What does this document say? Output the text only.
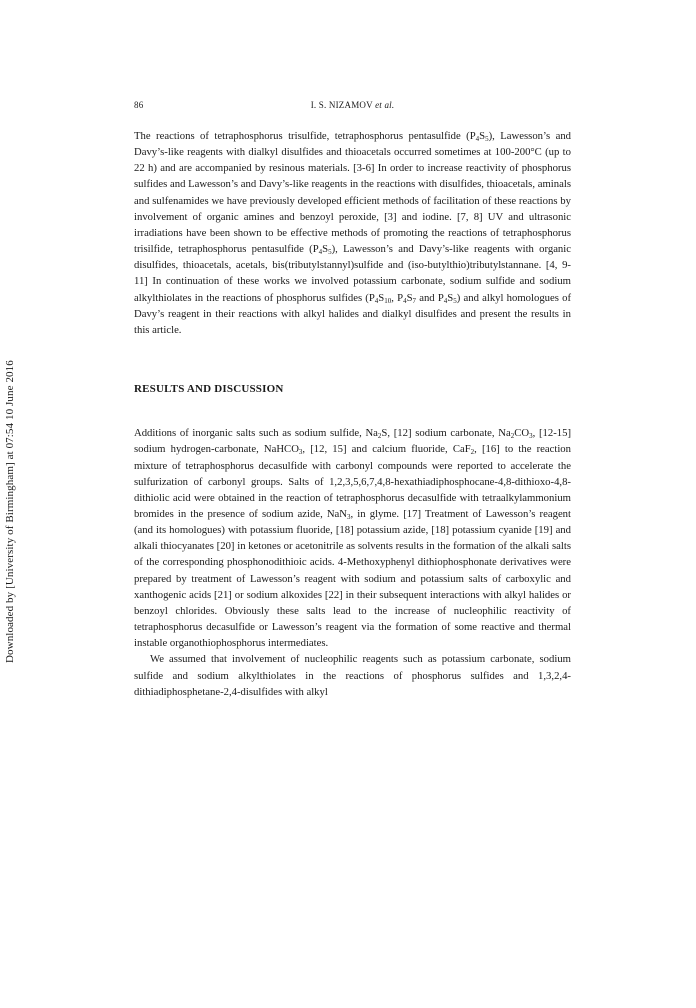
86	I. S. NIZAMOV et al.
Downloaded by [University of Birmingham] at 07:54 10 June 2016

The reactions of tetraphosphorus trisulfide, tetraphosphorus pentasulfide $(P_4S_5)$, Lawesson’s and Davy’s-like reagents with dialkyl disulfides and thioacetals occurred sometimes at 100-200°C (up to 22 h) and are accompanied by resinous materials. [3-6] In order to increase reactivity of phosphorus sulfides and Lawesson’s and Davy’s-like reagents in the reactions with disulfides, thioacetals, aminals and sulfenamides we have previously developed efficient methods of facilitation of these reactions by involvement of organic amines and benzoyl peroxide, [3] and iodine. [7, 8] UV and ultrasonic irradiations have been shown to be effective methods of promoting the reactions of tetraphosphorus trisilfide, tetraphosphorus pentasulfide $(P_4S_5)$, Lawesson’s and Davy’s-like reagents with organic disulfides, thioacetals, acetals, bis(tributylstannyl)sulfide and (iso-butylthio)tributylstannane. [4, 9-11] In continuation of these works we involved potassium carbonate, sodium sulfide and sodium alkylthiolates in the reactions of phosphorus sulfides ($P_4S_{10}$, $P_4S_7$ and $P_4S_5$) and alkyl homologues of Davy’s reagent in their reactions with alkyl halides and dialkyl disulfides and present the results in this article.

RESULTS AND DISCUSSION

Additions of inorganic salts such as sodium sulfide, $Na_2S$, [12] sodium carbonate, $Na_2CO_3$, [12-15] sodium hydrogen-carbonate, NaHCO$_3$, [12, 15] and calcium fluoride, CaF$_2$, [16] to the reaction mixture of tetraphosphorus decasulfide with carbonyl compounds were reported to accelerate the sulfurization of carbonyl groups. Salts of 1,2,3,5,6,7,4,8-hexathiadiphosphocane-4,8-dithioxo-4,8-dithiolic acid were obtained in the reaction of tetraphosphorus decasulfide with tetraalkylammonium bromides in the presence of sodium azide, NaN$_3$, in glyme. [17] Treatment of Lawesson’s reagent (and its homologues) with potassium fluoride, [18] potassium azide, [18] potassium cyanide [19] and alkali thiocyanates [20] in ketones or acetonitrile as solvents results in the formation of the alkali salts of the corresponding phosphonodithioic acids. 4-Methoxyphenyl dithiophosphonate derivatives were prepared by treatment of Lawesson’s reagent with sodium and potassium salts of carboxylic and xanthogenic acids [21] or sodium alkoxides [22] in their subsequent interactions with alkyl halides or benzoyl chlorides. Obviously these salts lead to the increase of nucleophilic reactivity of tetraphosphorus decasulfide or Lawesson’s reagent via the formation of some reactive and thermal instable organothiophosphorus intermediates.

We assumed that involvement of nucleophilic reagents such as potassium carbonate, sodium sulfide and sodium alkylthiolates in the reactions of phosphorus sulfides and 1,3,2,4-dithiadiphosphetane-2,4-disulfides with alkyl
